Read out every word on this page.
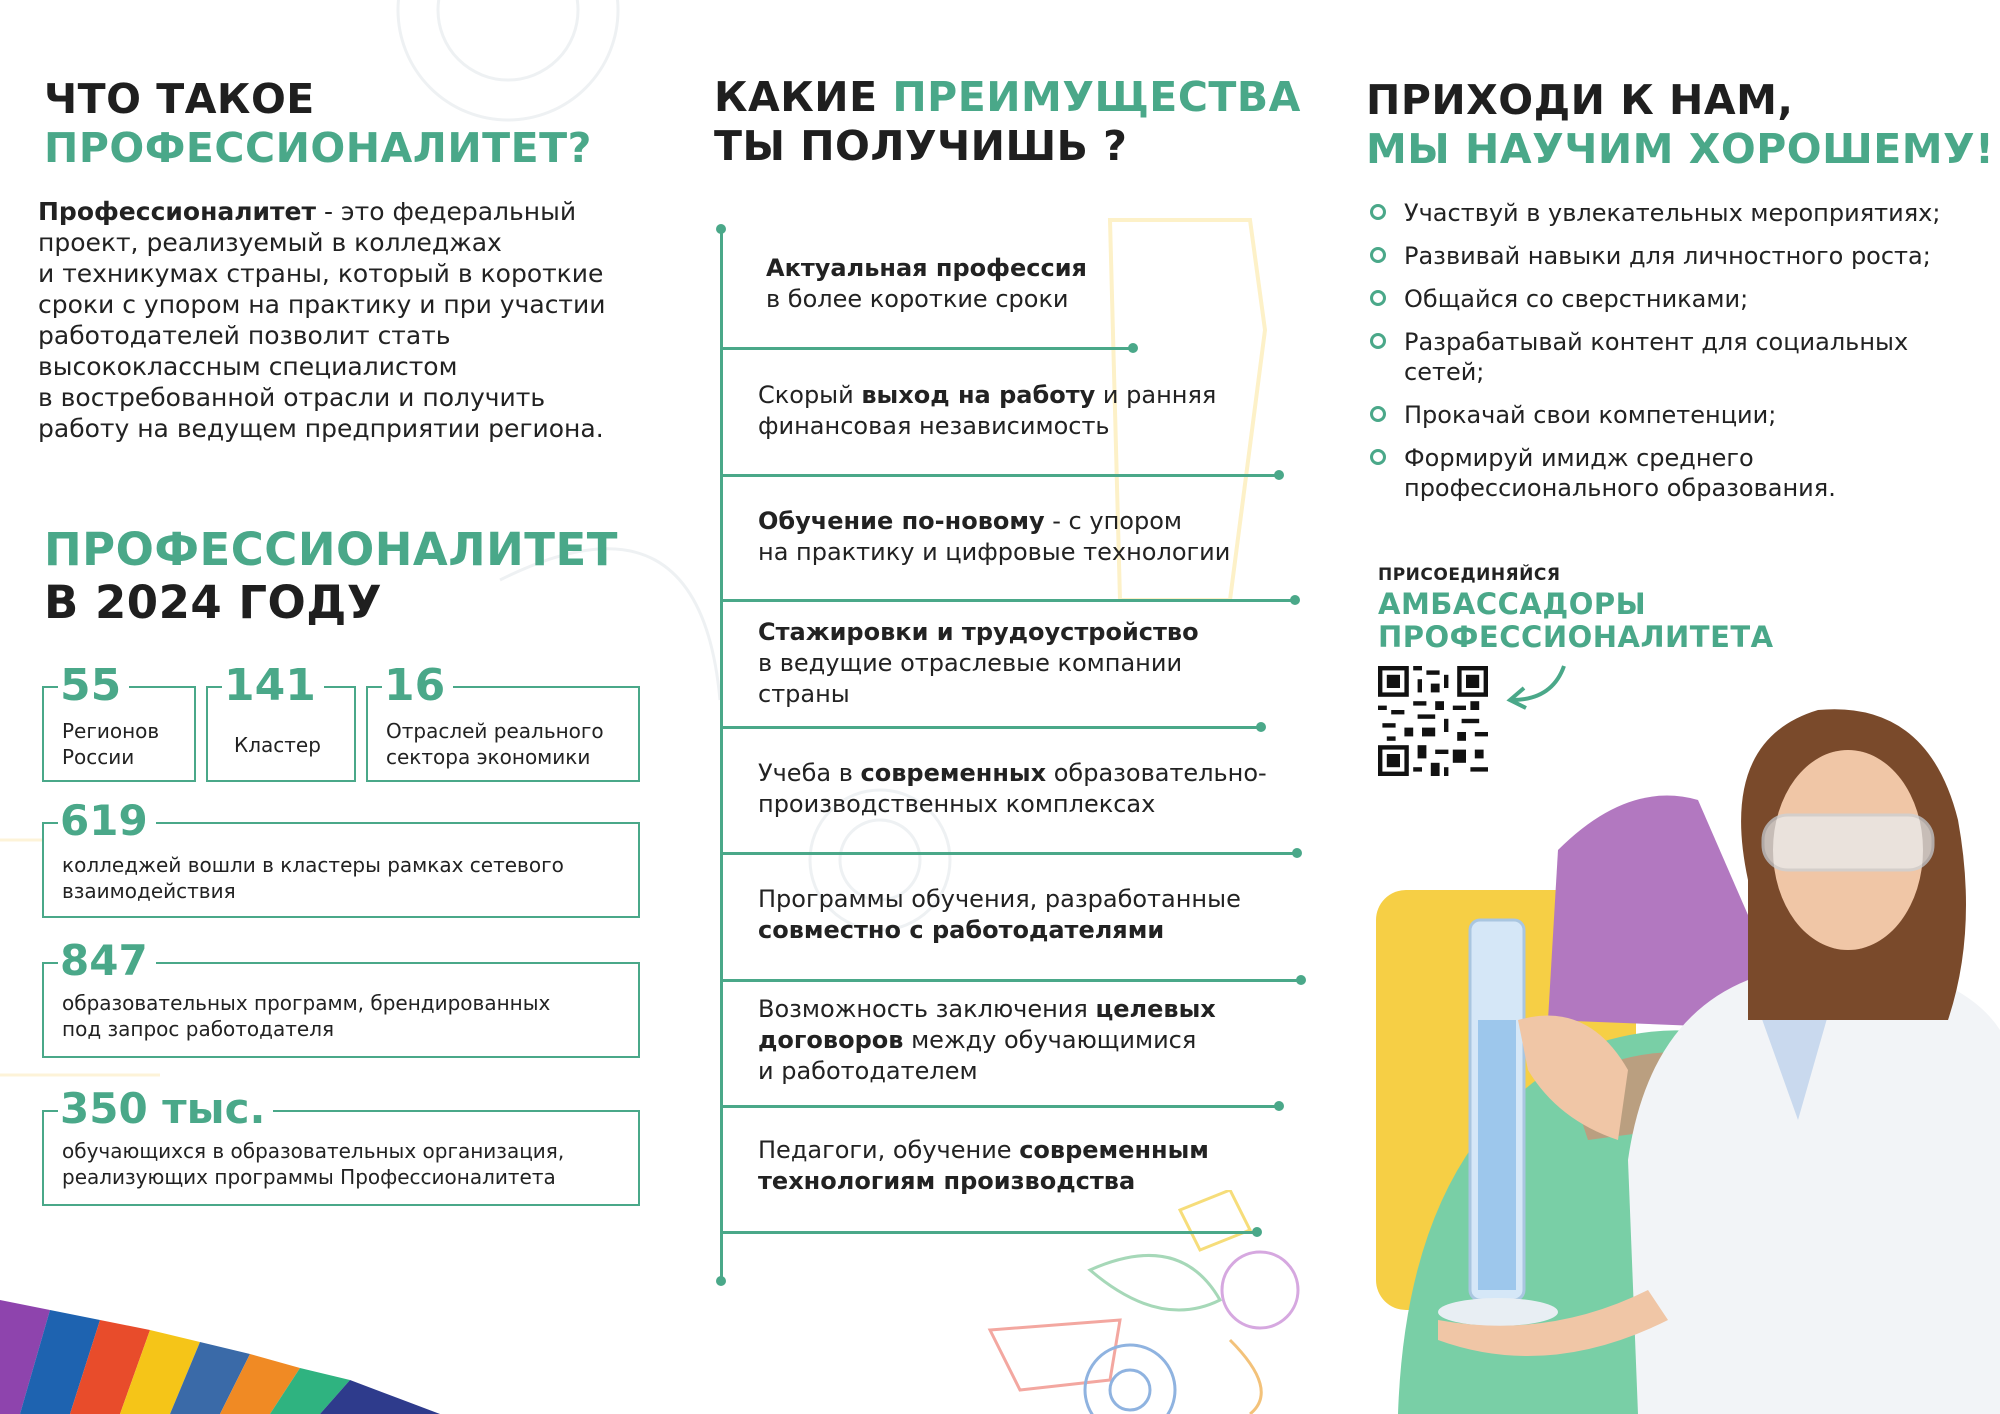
ЧТО ТАКОЕ
ПРОФЕССИОНАЛИТЕТ?
Профессионалитет - это федеральный
проект, реализуемый в колледжах
и техникумах страны, который в короткие
сроки с упором на практику и при участии
работодателей позволит стать
высококлассным специалистом
в востребованной отрасли и получить
работу на ведущем предприятии региона.
ПРОФЕССИОНАЛИТЕТ
В 2024 ГОДУ
55
Регионов
России
141
Кластер
16
Отраслей реального
сектора экономики
619
колледжей вошли в кластеры рамках сетевого
взаимодействия
847
образовательных программ, брендированных
под запрос работодателя
350 тыс.
обучающихся в образовательных организация,
реализующих программы Профессионалитета
КАКИЕ ПРЕИМУЩЕСТВА
ТЫ ПОЛУЧИШЬ ?
Актуальная профессия
в более короткие сроки
Скорый выход на работу и ранняя
финансовая независимость
Обучение по-новому - с упором
на практику и цифровые технологии
Стажировки и трудоустройство
в ведущие отраслевые компании
страны
Учеба в современных образовательно-
производственных комплексах
Программы обучения, разработанные
совместно с работодателями
Возможность заключения целевых
договоров между обучающимися
и работодателем
Педагоги, обучение современным
технологиям производства
ПРИХОДИ К НАМ,
МЫ НАУЧИМ ХОРОШЕМУ!
Участвуй в увлекательных мероприятиях;
Развивай навыки для личностного роста;
Общайся со сверстниками;
Разрабатывай контент для социальных сетей;
Прокачай свои компетенции;
Формируй имидж среднего профессионального образования.
ПРИСОЕДИНЯЙСЯ
АМБАССАДОРЫ
ПРОФЕССИОНАЛИТЕТА
